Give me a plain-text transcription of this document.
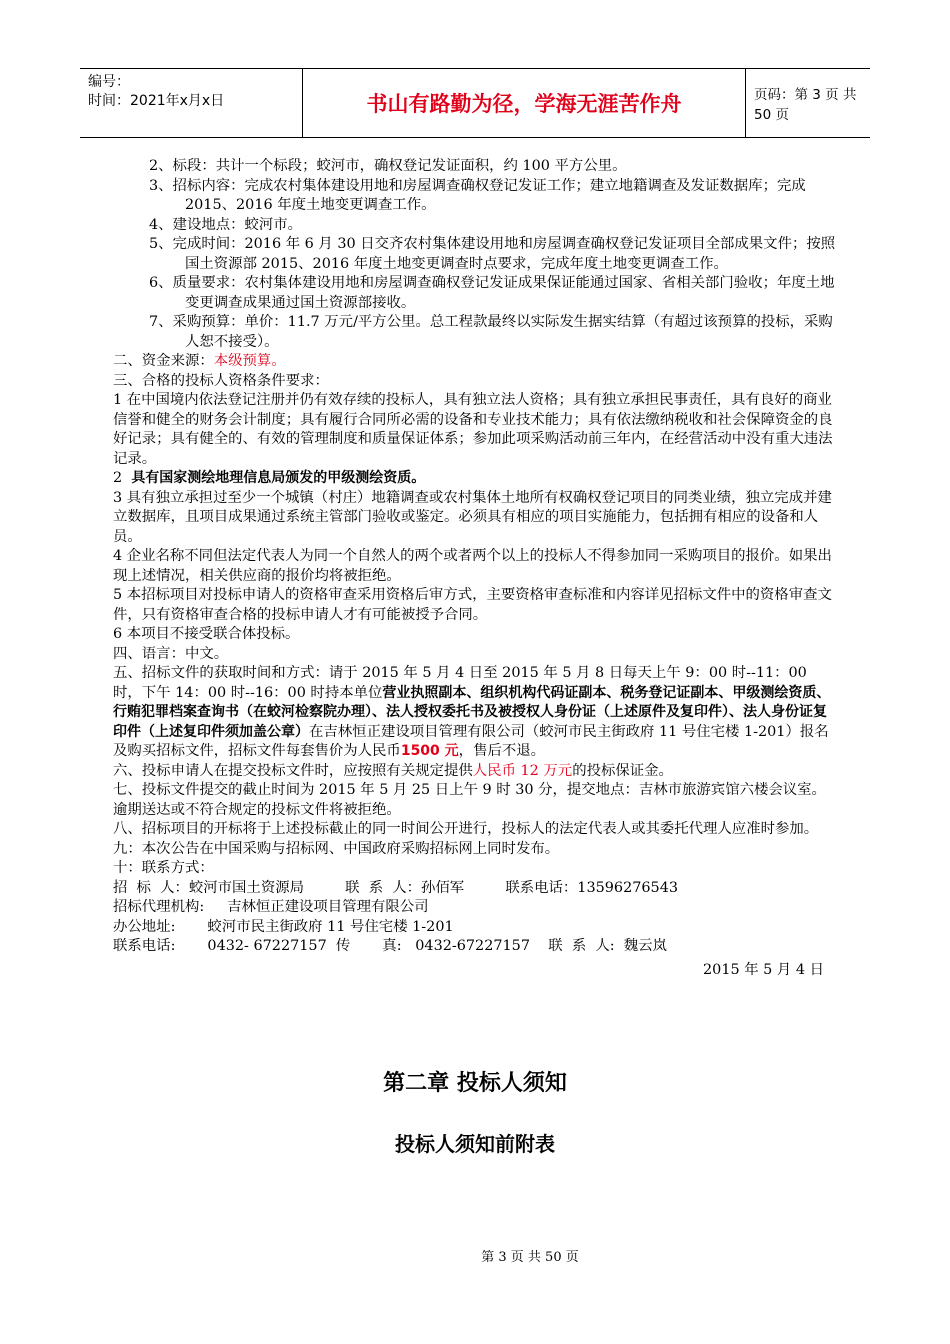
编号：
时间：2021年x月x日	书山有路勤为径，学海无涯苦作舟	页码：第 3 页 共 50 页

2、标段：共计一个标段；蛟河市，确权登记发证面积，约 100 平方公里。

3、招标内容：完成农村集体建设用地和房屋调查确权登记发证工作；建立地籍调查及发证数据库；完成 2015、2016 年度土地变更调查工作。

4、建设地点：蛟河市。

5、完成时间：2016 年 6 月 30 日交齐农村集体建设用地和房屋调查确权登记发证项目全部成果文件；按照国土资源部 2015、2016 年度土地变更调查时点要求，完成年度土地变更调查工作。

6、质量要求：农村集体建设用地和房屋调查确权登记发证成果保证能通过国家、省相关部门验收；年度土地变更调查成果通过国土资源部接收。

7、采购预算：单价：11.7 万元/平方公里。总工程款最终以实际发生据实结算（有超过该预算的投标，采购人恕不接受）。

二、资金来源：本级预算。

三、合格的投标人资格条件要求：

1 在中国境内依法登记注册并仍有效存续的投标人，具有独立法人资格；具有独立承担民事责任，具有良好的商业信誉和健全的财务会计制度；具有履行合同所必需的设备和专业技术能力；具有依法缴纳税收和社会保障资金的良好记录；具有健全的、有效的管理制度和质量保证体系；参加此项采购活动前三年内，在经营活动中没有重大违法记录。

2  具有国家测绘地理信息局颁发的甲级测绘资质。

3 具有独立承担过至少一个城镇（村庄）地籍调查或农村集体土地所有权确权登记项目的同类业绩，独立完成并建立数据库，且项目成果通过系统主管部门验收或鉴定。必须具有相应的项目实施能力，包括拥有相应的设备和人员。

4 企业名称不同但法定代表人为同一个自然人的两个或者两个以上的投标人不得参加同一采购项目的报价。如果出现上述情况，相关供应商的报价均将被拒绝。

5 本招标项目对投标申请人的资格审查采用资格后审方式，主要资格审查标准和内容详见招标文件中的资格审查文件，只有资格审查合格的投标申请人才有可能被授予合同。

6 本项目不接受联合体投标。

四、语言：中文。

五、招标文件的获取时间和方式：请于 2015 年 5 月 4 日至 2015 年 5 月 8 日每天上午 9：00 时--11：00 时，下午 14：00 时--16：00 时持本单位营业执照副本、组织机构代码证副本、税务登记证副本、甲级测绘资质、行贿犯罪档案查询书（在蛟河检察院办理）、法人授权委托书及被授权人身份证（上述原件及复印件）、法人身份证复印件（上述复印件须加盖公章）在吉林恒正建设项目管理有限公司（蛟河市民主街政府 11 号住宅楼 1-201）报名及购买招标文件，招标文件每套售价为人民币1500 元，售后不退。

六、投标申请人在提交投标文件时，应按照有关规定提供人民币 12 万元的投标保证金。

七、投标文件提交的截止时间为 2015 年 5 月 25 日上午 9 时 30 分，提交地点：吉林市旅游宾馆六楼会议室。逾期送达或不符合规定的投标文件将被拒绝。

八、招标项目的开标将于上述投标截止的同一时间公开进行，投标人的法定代表人或其委托代理人应准时参加。

九：本次公告在中国采购与招标网、中国政府采购招标网上同时发布。

十：联系方式：

招  标  人：蛟河市国土资源局         联  系  人：孙佰军         联系电话：13596276543

招标代理机构:     吉林恒正建设项目管理有限公司

办公地址:       蛟河市民主街政府 11 号住宅楼 1-201

联系电话:       0432- 67227157  传       真:   0432-67227157    联  系  人:  魏云岚

2015 年 5 月 4 日

第二章 投标人须知
投标人须知前附表
第 3 页 共 50 页
